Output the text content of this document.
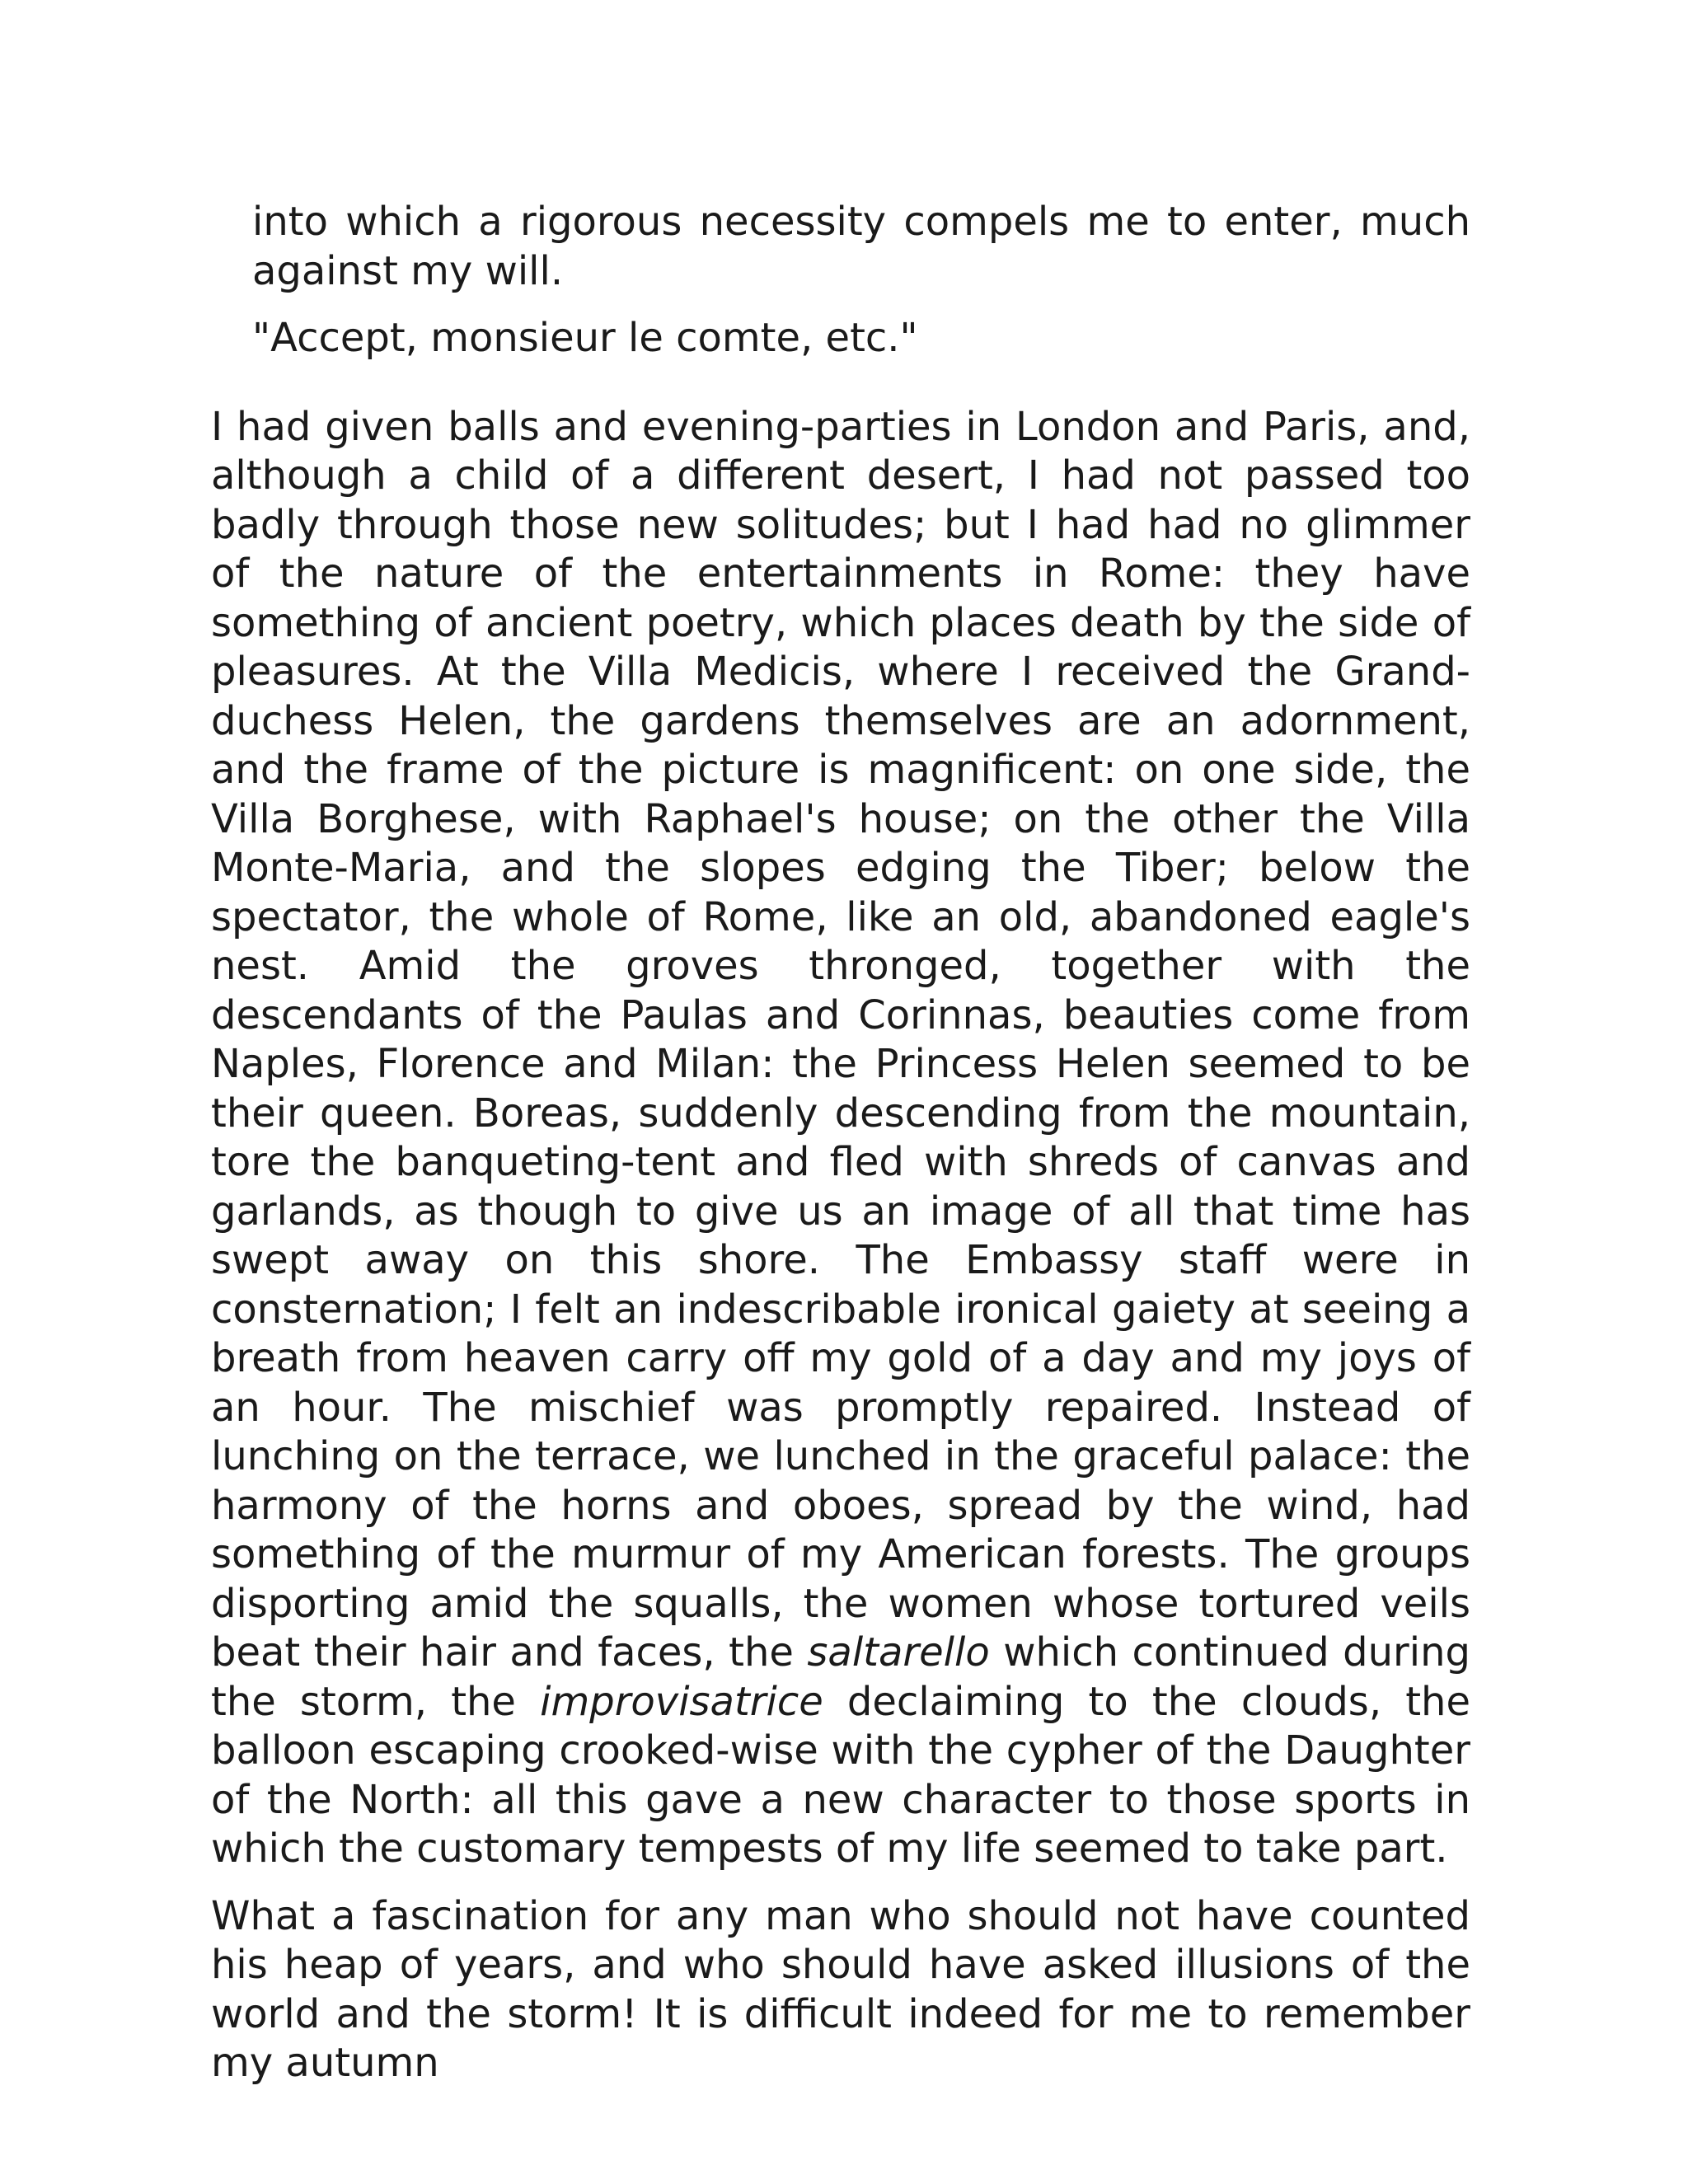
into which a rigorous necessity compels me to enter, much against my will.

"Accept, monsieur le comte, etc."

I had given balls and evening-parties in London and Paris, and, although a child of a different desert, I had not passed too badly through those new solitudes; but I had had no glimmer of the nature of the entertainments in Rome: they have something of ancient poetry, which places death by the side of pleasures. At the Villa Medicis, where I received the Grand-duchess Helen, the gardens themselves are an adornment, and the frame of the picture is magnificent: on one side, the Villa Borghese, with Raphael's house; on the other the Villa Monte-Maria, and the slopes edging the Tiber; below the spectator, the whole of Rome, like an old, abandoned eagle's nest. Amid the groves thronged, together with the descendants of the Paulas and Corinnas, beauties come from Naples, Florence and Milan: the Princess Helen seemed to be their queen. Boreas, suddenly descending from the mountain, tore the banqueting-tent and fled with shreds of canvas and garlands, as though to give us an image of all that time has swept away on this shore. The Embassy staff were in consternation; I felt an indescribable ironical gaiety at seeing a breath from heaven carry off my gold of a day and my joys of an hour. The mischief was promptly repaired. Instead of lunching on the terrace, we lunched in the graceful palace: the harmony of the horns and oboes, spread by the wind, had something of the murmur of my American forests. The groups disporting amid the squalls, the women whose tortured veils beat their hair and faces, the saltarello which continued during the storm, the improvisatrice declaiming to the clouds, the balloon escaping crooked-wise with the cypher of the Daughter of the North: all this gave a new character to those sports in which the customary tempests of my life seemed to take part.

What a fascination for any man who should not have counted his heap of years, and who should have asked illusions of the world and the storm! It is difficult indeed for me to remember my autumn
